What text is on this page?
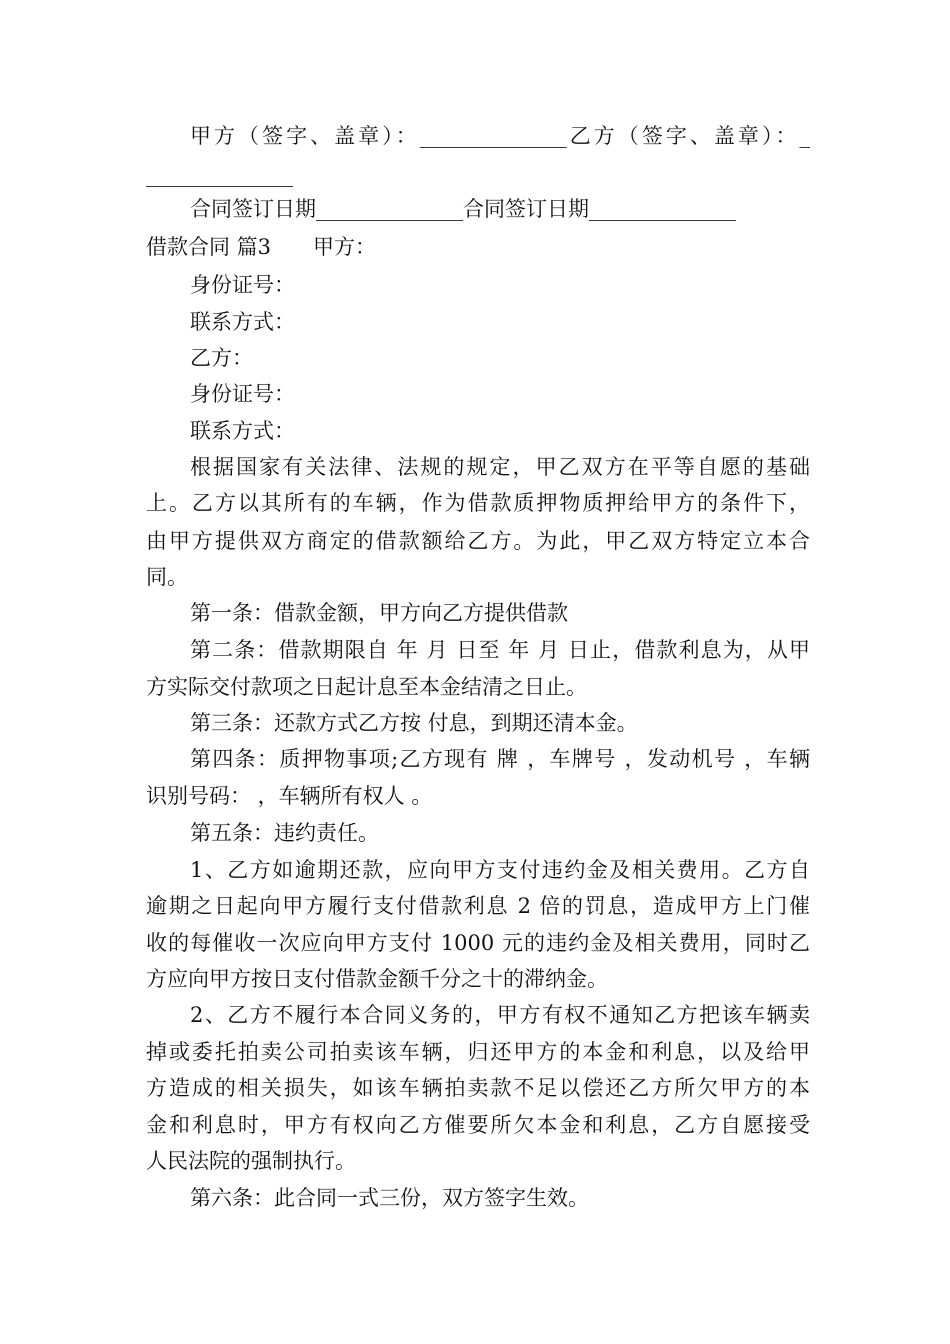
甲方（签字、盖章）：______________乙方（签字、盖章）：_
______________
合同签订日期______________合同签订日期______________
借款合同 篇3　　甲方：
身份证号：
联系方式：
乙方：
身份证号：
联系方式：
根据国家有关法律、法规的规定，甲乙双方在平等自愿的基础
上。乙方以其所有的车辆，作为借款质押物质押给甲方的条件下，
由甲方提供双方商定的借款额给乙方。为此，甲乙双方特定立本合
同。
第一条：借款金额，甲方向乙方提供借款
第二条：借款期限自 年 月 日至 年 月 日止，借款利息为，从甲
方实际交付款项之日起计息至本金结清之日止。
第三条：还款方式乙方按 付息，到期还清本金。
第四条：质押物事项;乙方现有 牌 ，车牌号 ，发动机号 ，车辆
识别号码： ，车辆所有权人 。
第五条：违约责任。
1、乙方如逾期还款，应向甲方支付违约金及相关费用。乙方自
逾期之日起向甲方履行支付借款利息 2 倍的罚息，造成甲方上门催
收的每催收一次应向甲方支付 1000 元的违约金及相关费用，同时乙
方应向甲方按日支付借款金额千分之十的滞纳金。
2、乙方不履行本合同义务的，甲方有权不通知乙方把该车辆卖
掉或委托拍卖公司拍卖该车辆，归还甲方的本金和利息，以及给甲
方造成的相关损失，如该车辆拍卖款不足以偿还乙方所欠甲方的本
金和利息时，甲方有权向乙方催要所欠本金和利息，乙方自愿接受
人民法院的强制执行。
第六条：此合同一式三份，双方签字生效。
